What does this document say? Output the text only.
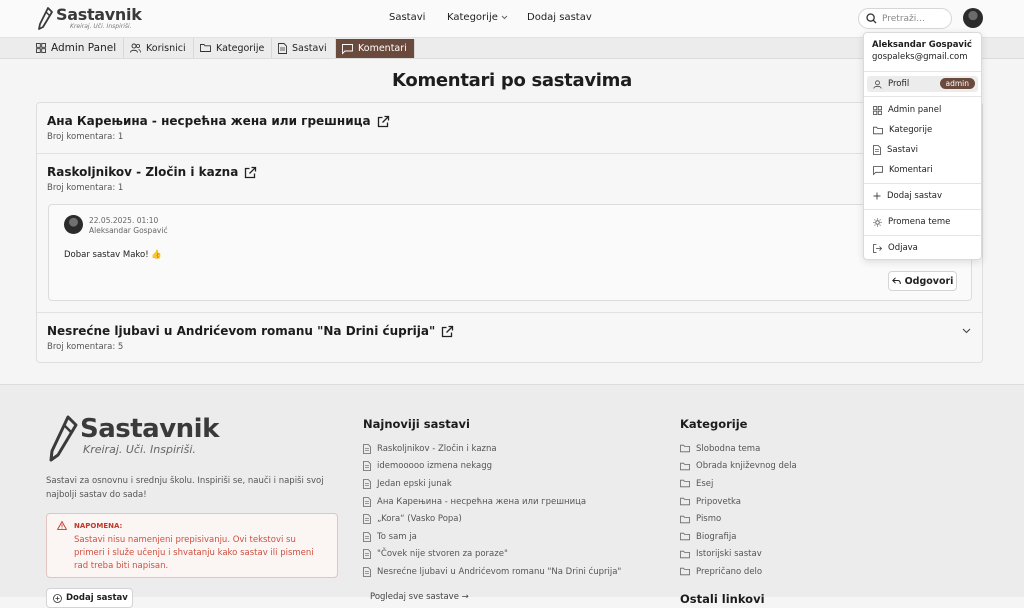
Sastavnik
Kreiraj. Uči. Inspiriši.
Sastavi	Kategorije	Dodaj sastav
Pretraži...
Admin Panel	Korisnici	Kategorije	Sastavi	Komentari
Komentari po sastavima
Ана Карењина - несрећна жена или грешница
Broj komentara: 1
Raskoljnikov - Zločin i kazna
Broj komentara: 1
22.05.2025. 01:10
Aleksandar Gospavić
Dobar sastav Mako! 👍
Odgovori
Nesrećne ljubavi u Andrićevom romanu "Na Drini ćuprija"
Broj komentara: 5
Aleksandar Gospavić
gospaleks@gmail.com
Profil	admin
Admin panel
Kategorije
Sastavi
Komentari
Dodaj sastav
Promena teme
Odjava
Sastavnik
Kreiraj. Uči. Inspiriši.
Sastavi za osnovnu i srednju školu. Inspiriši se, nauči i napiši svoj najbolji sastav do sada!
NAPOMENA:
Sastavi nisu namenjeni prepisivanju. Ovi tekstovi su primeri i služe učenju i shvatanju kako sastav ili pismeni rad treba biti napisan.
Dodaj sastav
Najnoviji sastavi
Raskoljnikov - Zločin i kazna
idemooooo izmena nekagg
Jedan epski junak
Ана Карењина - несрећна жена или грешница
„Kora“ (Vasko Popa)
To sam ja
"Čovek nije stvoren za poraze"
Nesrećne ljubavi u Andrićevom romanu "Na Drini ćuprija"
Pogledaj sve sastave →
Kategorije
Slobodna tema
Obrada književnog dela
Esej
Pripovetka
Pismo
Biografija
Istorijski sastav
Prepričano delo
Ostali linkovi
